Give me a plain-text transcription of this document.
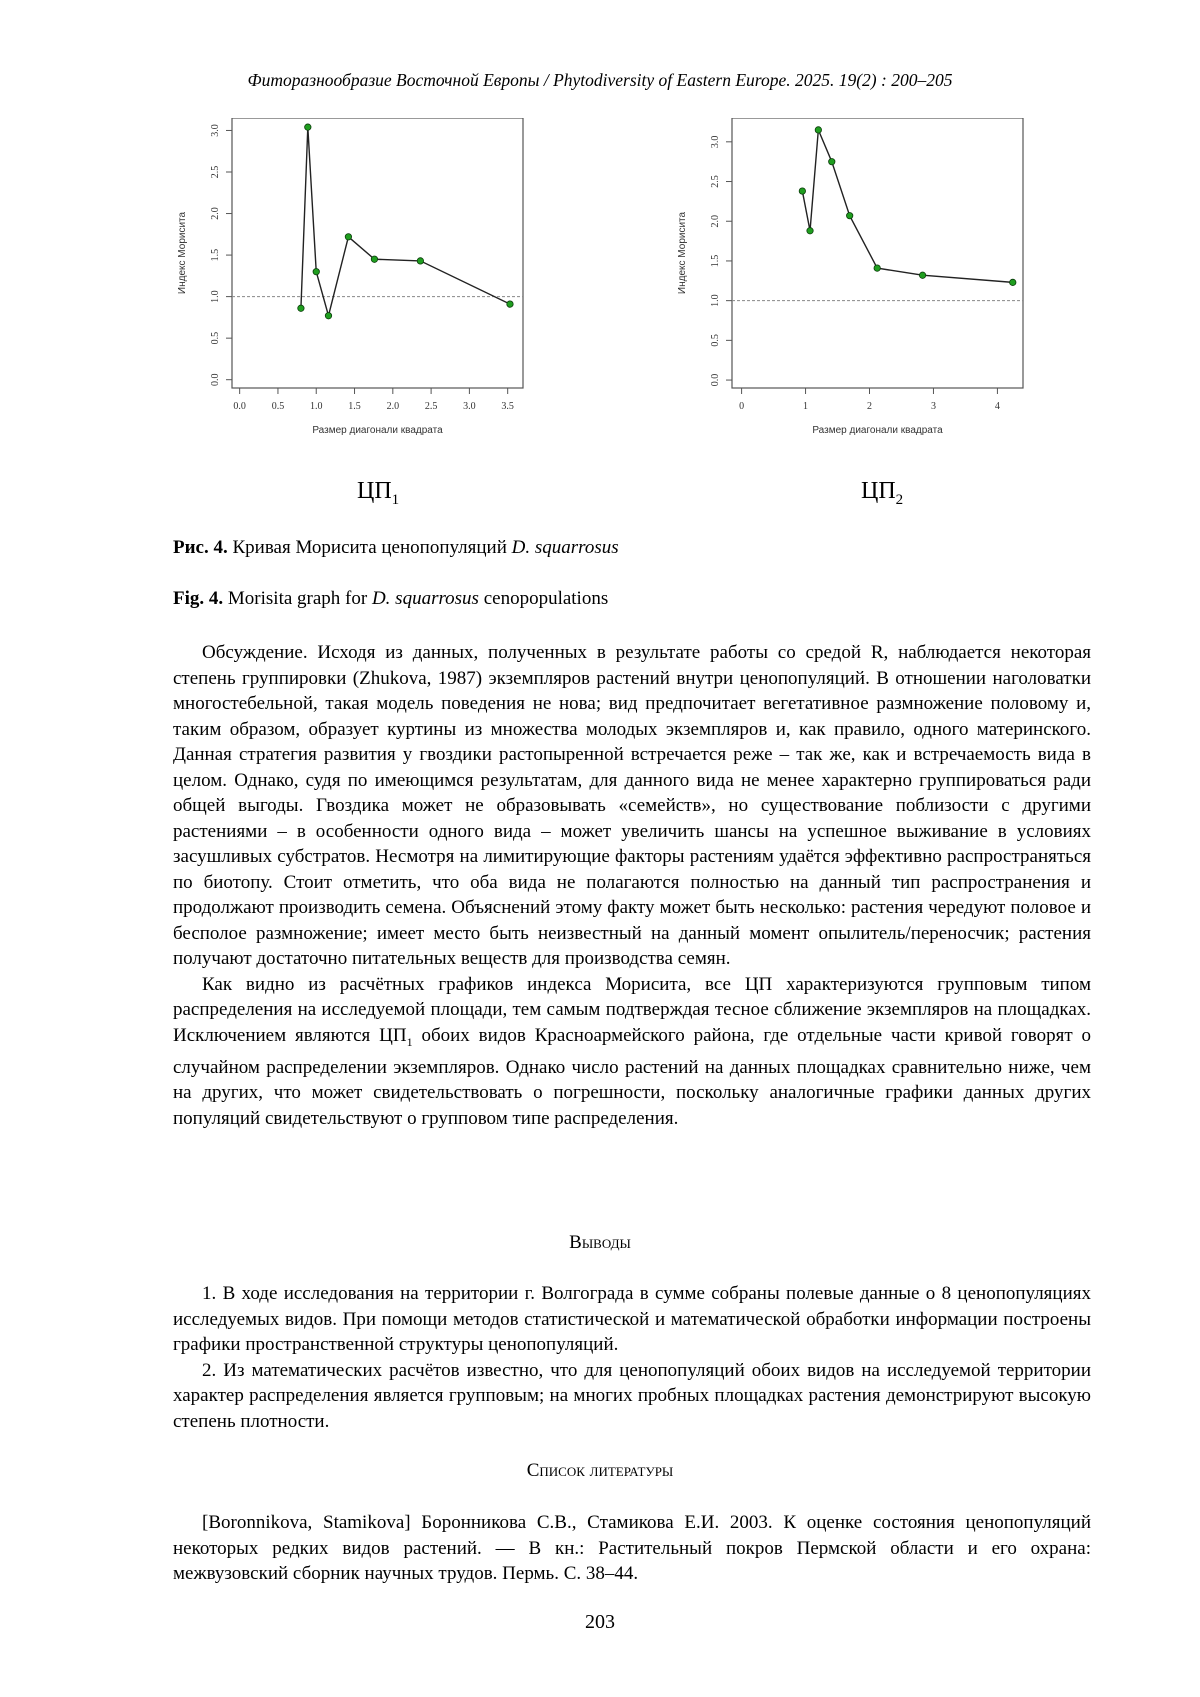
Фиторазнообразие Восточной Европы / Phytodiversity of Eastern Europe. 2025. 19(2) : 200–205
0.0	0.5	1.0	1.5	2.0	2.5	3.0	3.5
0.0
0.5
1.0
1.5
2.0
2.5
3.0
Размер диагонали квадрата
Индекс Морисита
0	1	2	3	4
0.0
0.5
1.0
1.5
2.0
2.5
3.0
Размер диагонали квадрата
Индекс Морисита
$ЦП_1$	$ЦП_2$
Рис. 4. Кривая Морисита ценопопуляций D. squarrosus
Fig. 4. Morisita graph for D. squarrosus cenopopulations

Обсуждение. Исходя из данных, полученных в результате работы со средой R, наблюдается некоторая степень группировки (Zhukova, 1987) экземпляров растений внутри ценопопуляций. В отношении наголоватки многостебельной, такая модель поведения не нова; вид предпочитает вегетативное размножение половому и, таким образом, образует куртины из множества молодых экземпляров и, как правило, одного материнского. Данная стратегия развития у гвоздики растопыренной встречается реже – так же, как и встречаемость вида в целом. Однако, судя по имеющимся результатам, для данного вида не менее характерно группироваться ради общей выгоды. Гвоздика может не образовывать «семейств», но существование поблизости с другими растениями – в особенности одного вида – может увеличить шансы на успешное выживание в условиях засушливых субстратов. Несмотря на лимитирующие факторы растениям удаётся эффективно распространяться по биотопу. Стоит отметить, что оба вида не полагаются полностью на данный тип распространения и продолжают производить семена. Объяснений этому факту может быть несколько: растения чередуют половое и бесполое размножение; имеет место быть неизвестный на данный момент опылитель/переносчик; растения получают достаточно питательных веществ для производства семян.

Как видно из расчётных графиков индекса Морисита, все ЦП характеризуются групповым типом распределения на исследуемой площади, тем самым подтверждая тесное сближение экземпляров на площадках. Исключением являются $ЦП_1$ обоих видов Красноармейского района, где отдельные части кривой говорят о случайном распределении экземпляров. Однако число растений на данных площадках сравнительно ниже, чем на других, что может свидетельствовать о погрешности, поскольку аналогичные графики данных других популяций свидетельствуют о групповом типе распределения.

Выводы

1. В ходе исследования на территории г. Волгограда в сумме собраны полевые данные о 8 ценопопуляциях исследуемых видов. При помощи методов статистической и математической обработки информации построены графики пространственной структуры ценопопуляций.

2. Из математических расчётов известно, что для ценопопуляций обоих видов на исследуемой территории характер распределения является групповым; на многих пробных площадках растения демонстрируют высокую степень плотности.

Список литературы

[Boronnikova, Stamikova] Боронникова С.В., Стамикова Е.И. 2003. К оценке состояния ценопопуляций некоторых редких видов растений. — В кн.: Растительный покров Пермской области и его охрана: межвузовский сборник научных трудов. Пермь. С. 38–44.

203
